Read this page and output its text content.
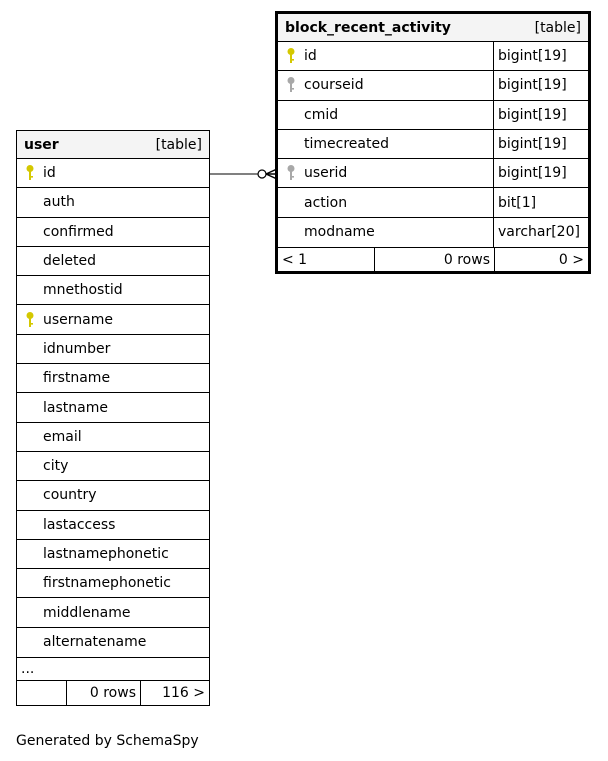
block_recent_activity	[table]
id	bigint[19]
courseid	bigint[19]
cmid	bigint[19]
timecreated	bigint[19]
userid	bigint[19]
action	bit[1]
modname	varchar[20]
< 1	0 rows	0 >
user	[table]
id
auth
confirmed
deleted
mnethostid
username
idnumber
firstname
lastname
email
city
country
lastaccess
lastnamephonetic
firstnamephonetic
middlename
alternatename
...
0 rows	116 >
Generated by SchemaSpy
